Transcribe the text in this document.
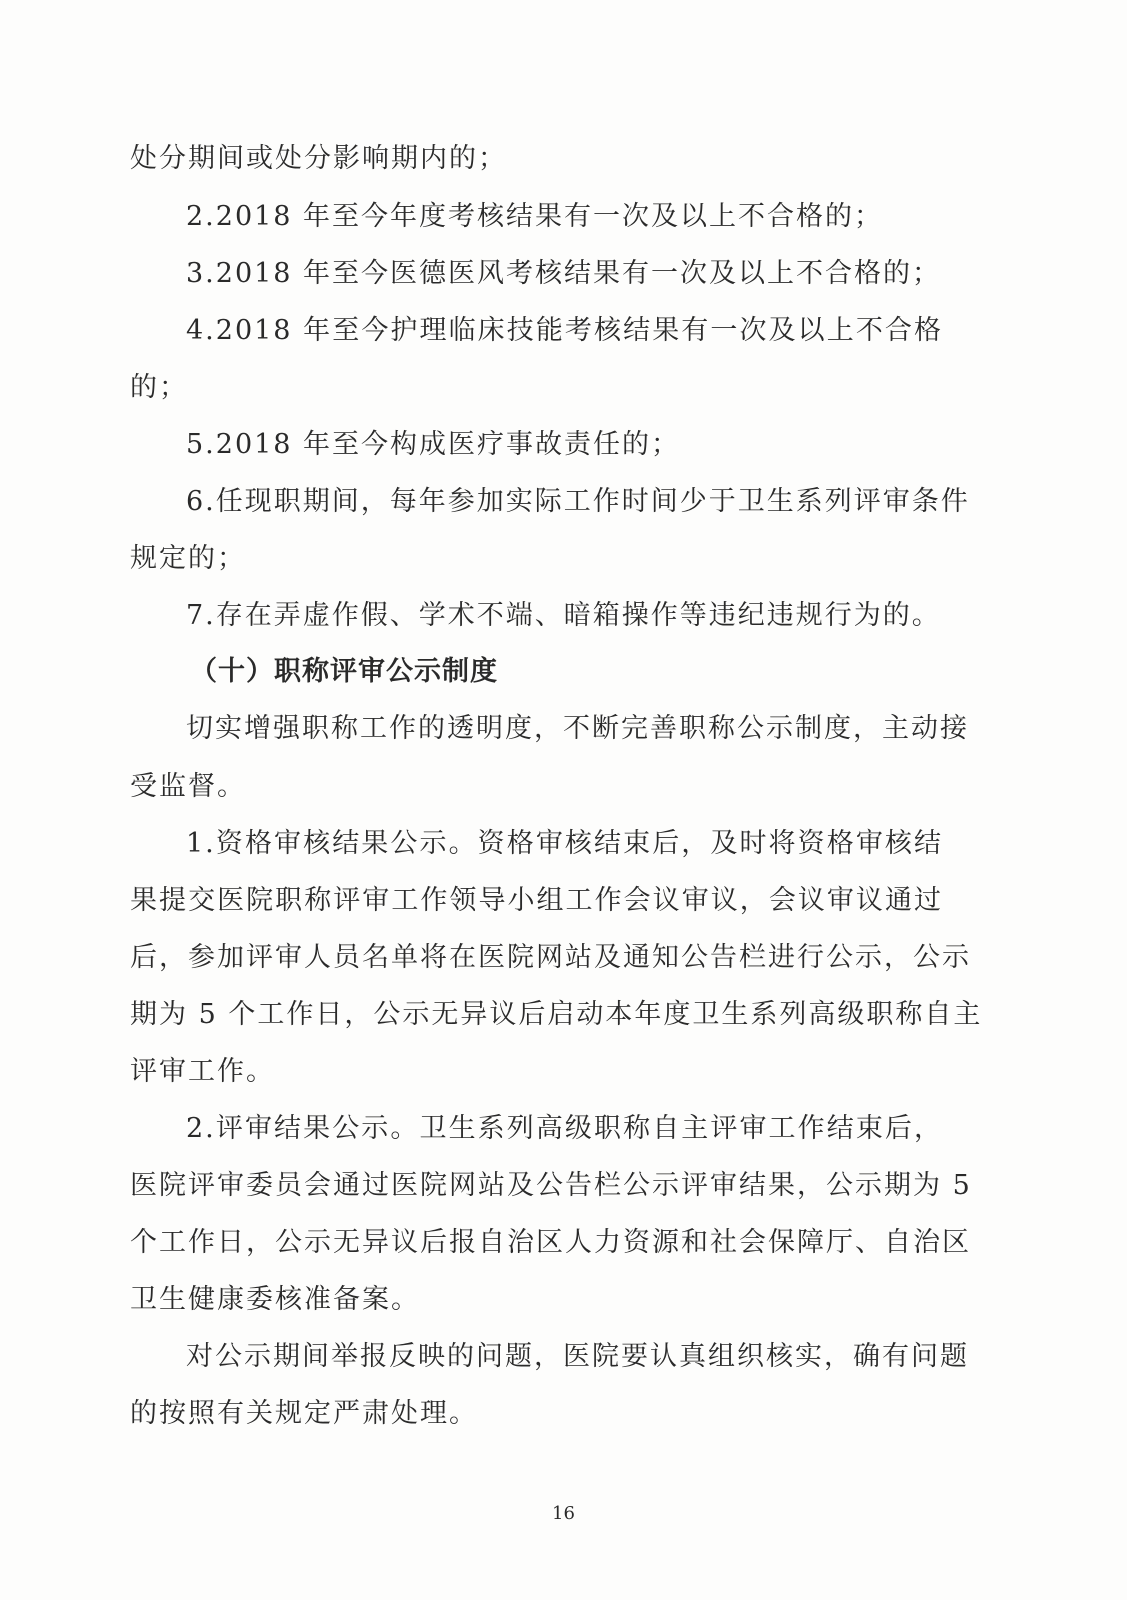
处分期间或处分影响期内的；
2.2018 年至今年度考核结果有一次及以上不合格的；
3.2018 年至今医德医风考核结果有一次及以上不合格的；
4.2018 年至今护理临床技能考核结果有一次及以上不合格
的；
5.2018 年至今构成医疗事故责任的；
6.任现职期间，每年参加实际工作时间少于卫生系列评审条件
规定的；
7.存在弄虚作假、学术不端、暗箱操作等违纪违规行为的。
（十）职称评审公示制度
切实增强职称工作的透明度，不断完善职称公示制度，主动接
受监督。
1.资格审核结果公示。资格审核结束后，及时将资格审核结
果提交医院职称评审工作领导小组工作会议审议，会议审议通过
后，参加评审人员名单将在医院网站及通知公告栏进行公示，公示
期为 5 个工作日，公示无异议后启动本年度卫生系列高级职称自主
评审工作。
2.评审结果公示。卫生系列高级职称自主评审工作结束后，
医院评审委员会通过医院网站及公告栏公示评审结果，公示期为 5
个工作日，公示无异议后报自治区人力资源和社会保障厅、自治区
卫生健康委核准备案。
对公示期间举报反映的问题，医院要认真组织核实，确有问题
的按照有关规定严肃处理。
16
